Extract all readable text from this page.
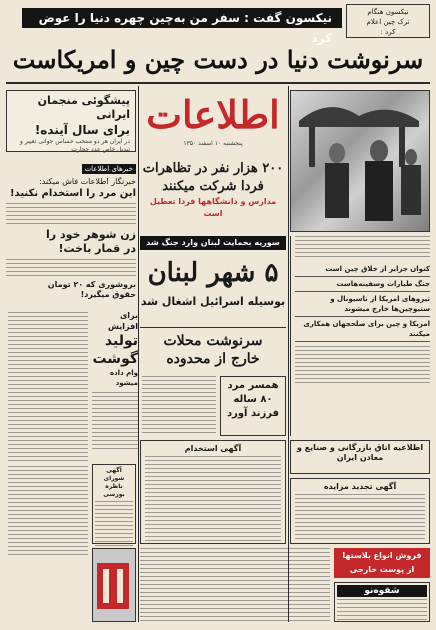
نیکسون گفت : سفر من به‌چین چهره دنیا را عوض کرد
نیکسون هنگام
ترک چین اعلام
کرد :
سرنوشت دنیا در دست چین و امریکاست
اطلاعات
پنجشنبه ۱۰ اسفند ۱۳۵۰
پیشگوئی منجمان ایرانی
برای سال آینده!
در ایران هر دو منتخب حساس جوانی تغییر و تبدیل خاص عدد حجارت
خبرهای اطلاعات
خبرنگار اطلاعات فاش میکند:
این مرد را استخدام نکنید!
زن شوهر خود را
در قمار باخت!
بروشوری که ۲۰ تومان
حقوق میگیرد!
۲۰۰ هزار نفر در تظاهرات
فردا شرکت میکنند
مدارس و دانشگاهها فردا تعطیل است
سوریه بحمایت لبنان وارد جنگ شد
۵ شهر لبنان
بوسیله اسرائیل اشغال شد
کنوان جزایر از خلاق چین است
جنگ طیارات وسفینه‌هاست
تیروهای امریکا از ناسیونال و ستیوچین‌ها خارج میشوند
امریکا و چین برای صلحجهان همکاری میکنند
برای افزایش
تولید
گوشت
وام داده میشود
سرنوشت محلات
خارج از محدوده
همسر مرد
۸۰ ساله
فرزند آورد
اطلاعیه اتاق بازرگانی و صنایع و معادن ایران
آگهی تجدید مزایده
آگهی استخدام
آگهی شورای ناظره بورسی
فروش انواع بلاستها
از پوست خارجی
شقوه‌نو
